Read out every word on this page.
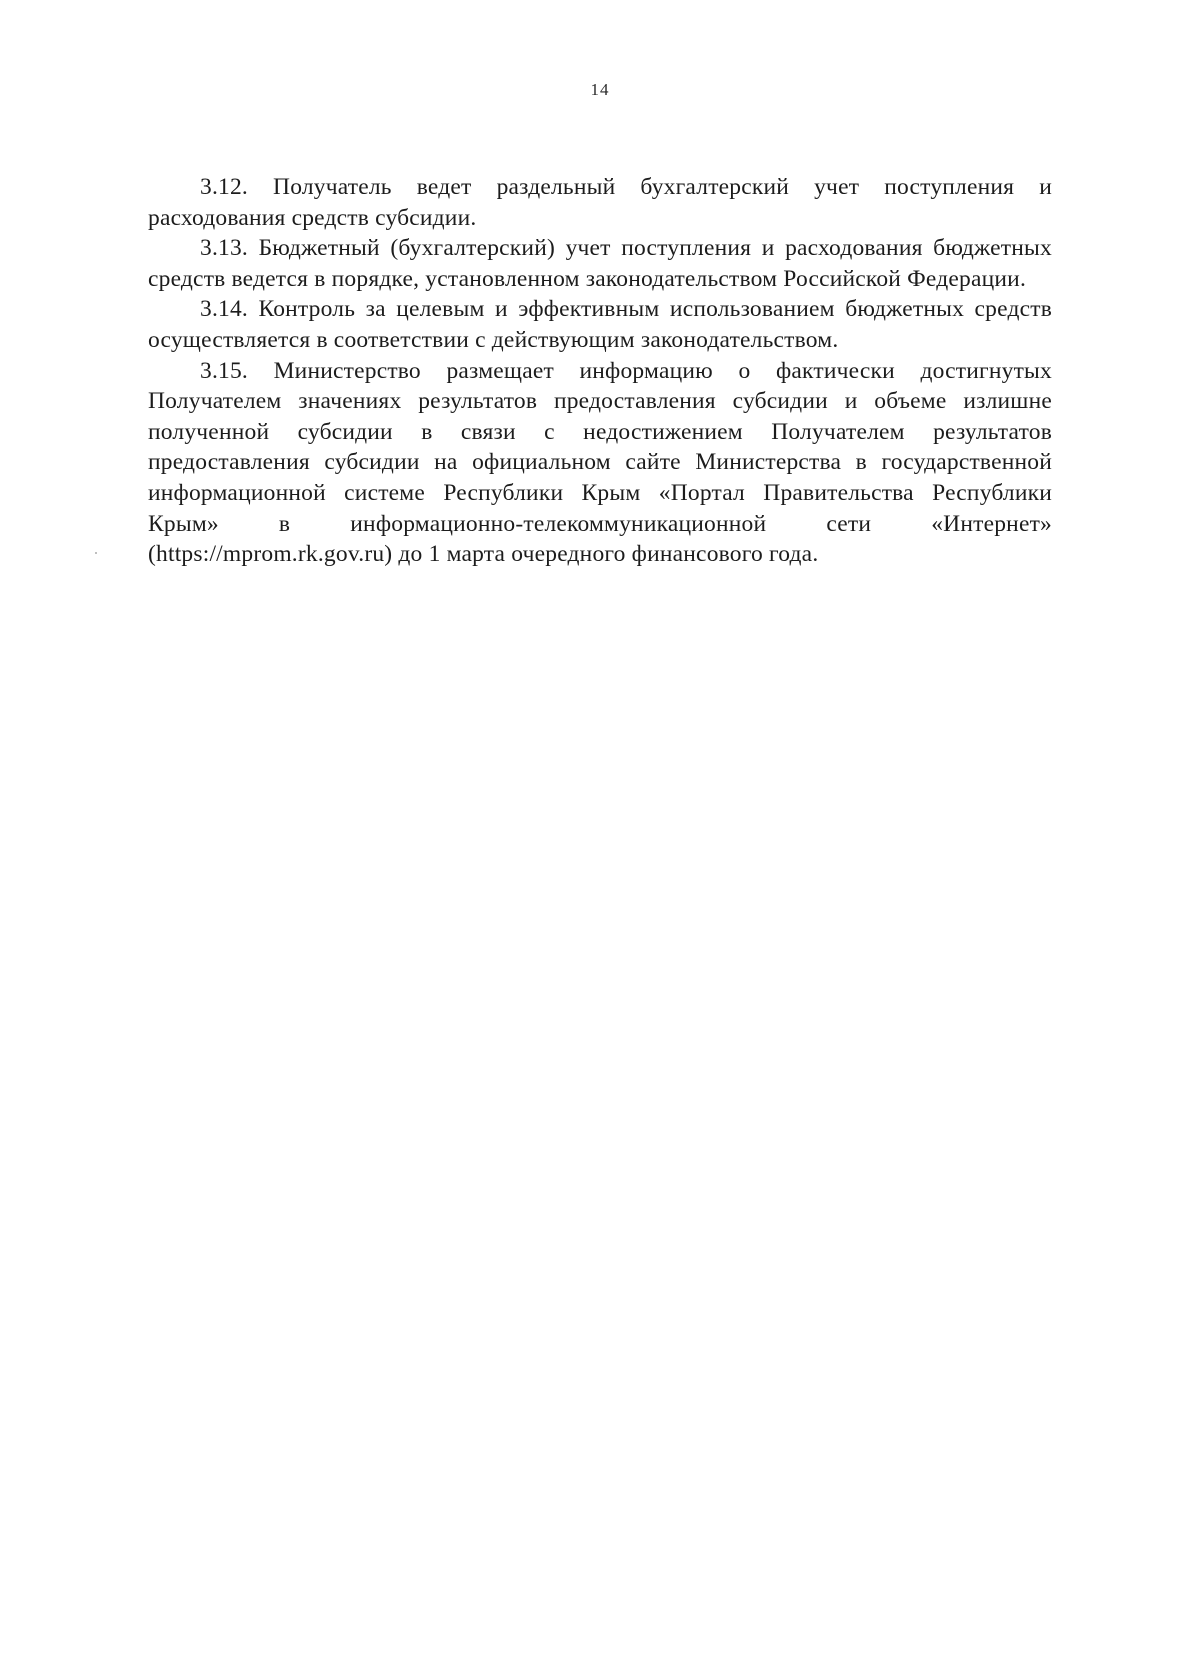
14

3.12. Получатель ведет раздельный бухгалтерский учет поступления и расходования средств субсидии.

3.13. Бюджетный (бухгалтерский) учет поступления и расходования бюджетных средств ведется в порядке, установленном законодательством Российской Федерации.

3.14. Контроль за целевым и эффективным использованием бюджетных средств осуществляется в соответствии с действующим законодательством.

3.15. Министерство размещает информацию о фактически достигнутых Получателем значениях результатов предоставления субсидии и объеме излишне полученной субсидии в связи с недостижением Получателем результатов предоставления субсидии на официальном сайте Министерства в государственной информационной системе Республики Крым «Портал Правительства Республики Крым» в информационно-телекоммуникационной сети «Интернет» (https://mprom.rk.gov.ru) до 1 марта очередного финансового года.
